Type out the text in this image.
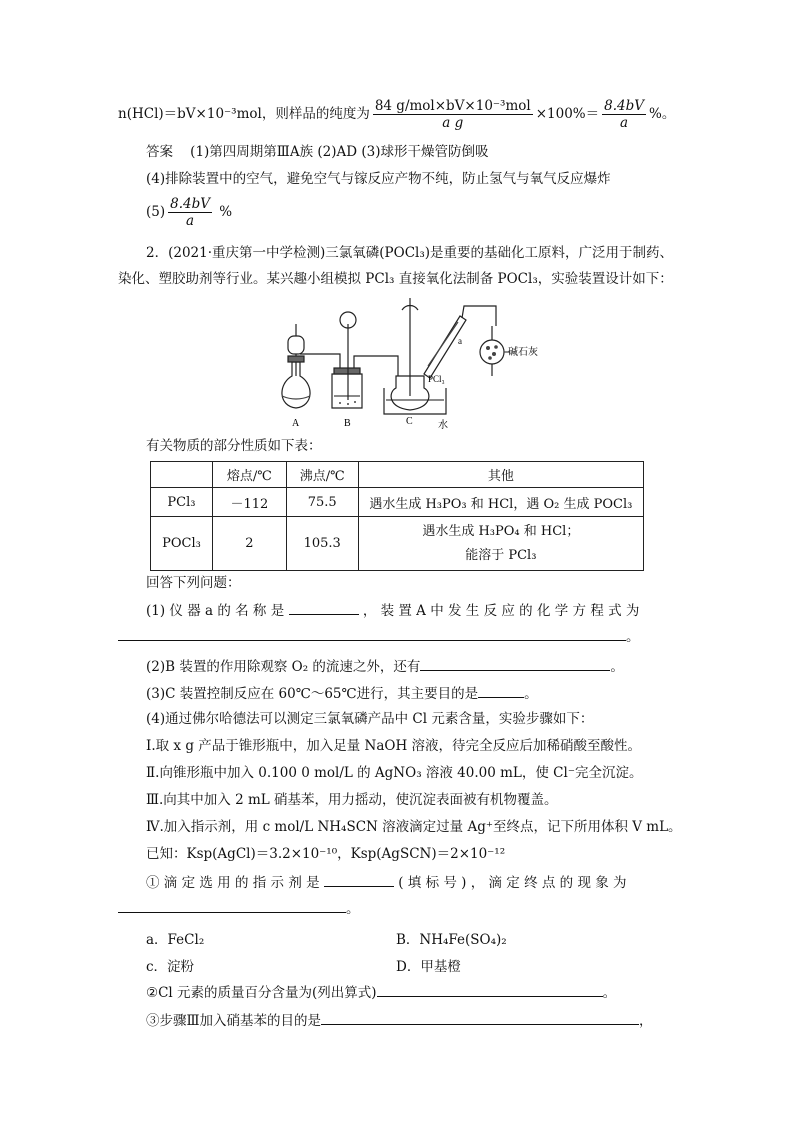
n(HCl)＝bV×10⁻³mol，则样品的纯度为 $\frac{\text{84 g/mol×bV×10⁻³mol}}{\text{a g}} \times 100\%= \frac{8.4bV}{a}$ %。
答案 (1)第四周期第ⅢA族 (2)AD (3)球形干燥管防倒吸
(4)排除装置中的空气，避免空气与镓反应产物不纯，防止氢气与氧气反应爆炸
$(5) \frac{8.4bV}{a}$ %
2．(2021·重庆第一中学检测)三氯氧磷(POCl₃)是重要的基础化工原料，广泛用于制药、
染化、塑胶助剂等行业。某兴趣小组模拟 PCl₃ 直接氧化法制备 POCl₃，实验装置设计如下：
A	B	C
PCl₃
水
a
碱石灰
有关物质的部分性质如下表：
	熔点/℃	沸点/℃	其他
PCl₃	－112	75.5	遇水生成 H₃PO₃ 和 HCl，遇 O₂ 生成 POCl₃
POCl₃	2	105.3	遇水生成 H₃PO₄ 和 HCl；
能溶于 PCl₃
回答下列问题：
(1) 仪 器 a 的 名 称 是	， 装 置 A 中 发 生 反 应 的 化 学 方 程 式 为
。
(2)B 装置的作用除观察 O₂ 的流速之外，还有	。
(3)C 装置控制反应在 60℃～65℃进行，其主要目的是	。
(4)通过佛尔哈德法可以测定三氯氧磷产品中 Cl 元素含量，实验步骤如下：
Ⅰ.取 x g 产品于锥形瓶中，加入足量 NaOH 溶液，待完全反应后加稀硝酸至酸性。
Ⅱ.向锥形瓶中加入 0.100 0 mol/L 的 AgNO₃ 溶液 40.00 mL，使 Cl⁻完全沉淀。
Ⅲ.向其中加入 2 mL 硝基苯，用力摇动，使沉淀表面被有机物覆盖。
Ⅳ.加入指示剂，用 c mol/L NH₄SCN 溶液滴定过量 Ag⁺至终点，记下所用体积 V mL。
已知：Ksp(AgCl)＝3.2×10⁻¹⁰，Ksp(AgSCN)＝2×10⁻¹²
① 滴 定 选 用 的 指 示 剂 是	( 填 标 号 ) ， 滴 定 终 点 的 现 象 为
。
a．FeCl₂	B．NH₄Fe(SO₄)₂
c．淀粉	D．甲基橙
②Cl 元素的质量百分含量为(列出算式)	。
③步骤Ⅲ加入硝基苯的目的是	，
